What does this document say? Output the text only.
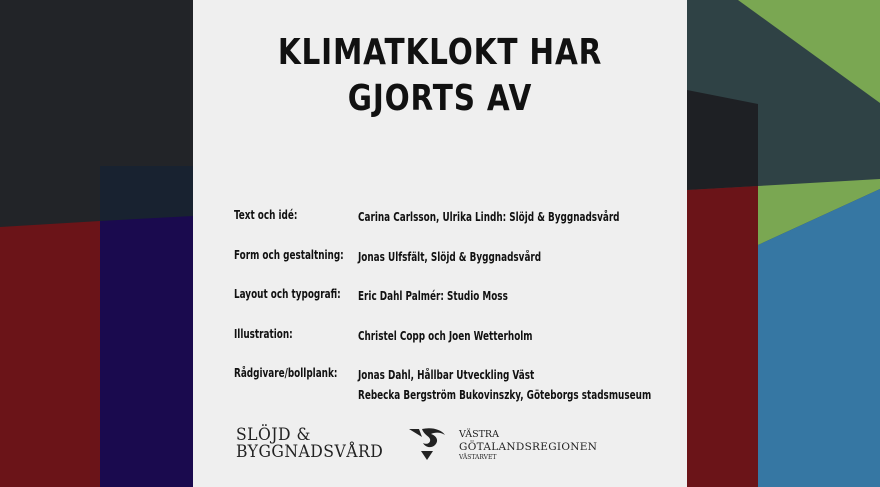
KLIMATKLOKT HAR
GJORTS AV
Text och idé:	Carina Carlsson, Ulrika Lindh: Slöjd & Byggnadsvård
Form och gestaltning: Jonas Ulfsfält, Slöjd & Byggnadsvård
Layout och typografi: Eric Dahl Palmér: Studio Moss
Illustration:	Christel Copp och Joen Wetterholm
Rådgivare/bollplank: Jonas Dahl, Hållbar Utveckling Väst
Rebecka Bergström Bukovinszky, Göteborgs stadsmuseum
SLÖJD &
BYGGNADSVÅRD
VÄSTRA
GÖTALANDSREGIONEN
VÄSTARVET
